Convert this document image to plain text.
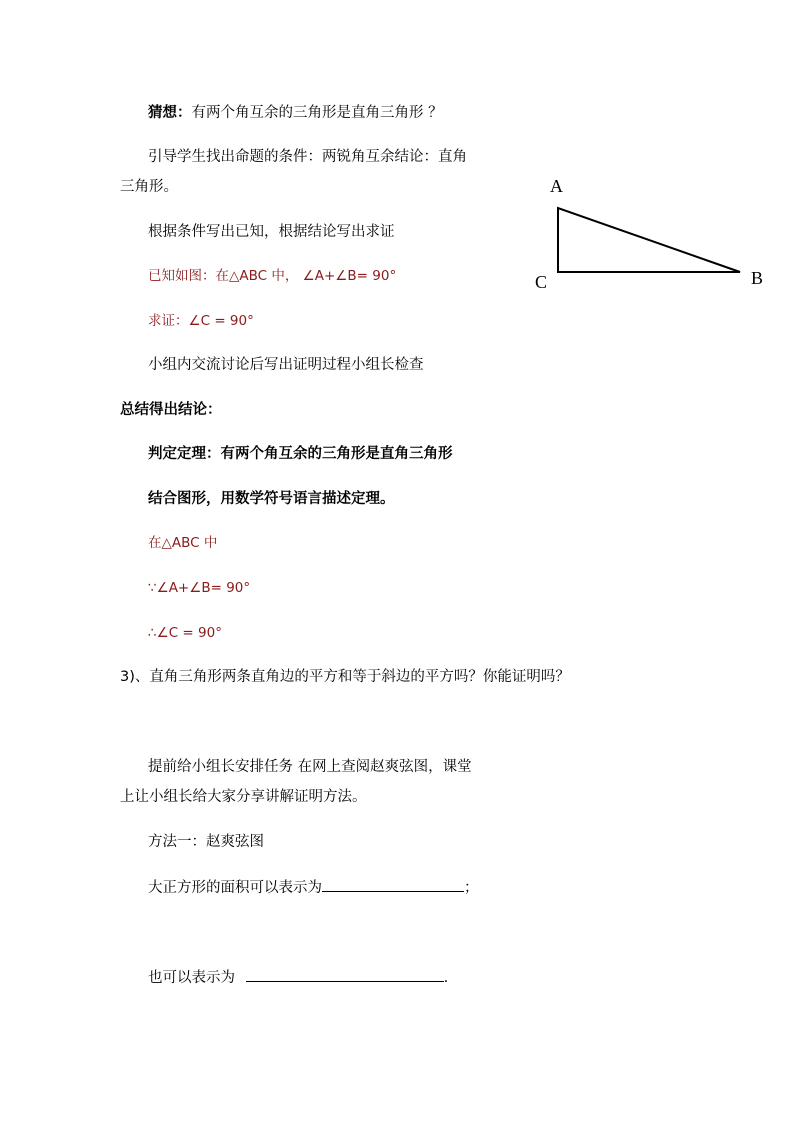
猜想：有两个角互余的三角形是直角三角形 ？
引导学生找出命题的条件：两锐角互余结论：直角
三角形。
根据条件写出已知，根据结论写出求证
已知如图：在△ABC 中， ∠A+∠B= 90°
求证：∠C = 90°
小组内交流讨论后写出证明过程小组长检查
总结得出结论：
判定定理：有两个角互余的三角形是直角三角形
结合图形，用数学符号语言描述定理。
在△ABC 中
∵∠A+∠B= 90°
∴∠C = 90°
3)、直角三角形两条直角边的平方和等于斜边的平方吗？你能证明吗？
提前给小组长安排任务 在网上查阅赵爽弦图，课堂
上让小组长给大家分享讲解证明方法。
方法一：赵爽弦图
大正方形的面积可以表示为	；
也可以表示为	.
A
B
C
